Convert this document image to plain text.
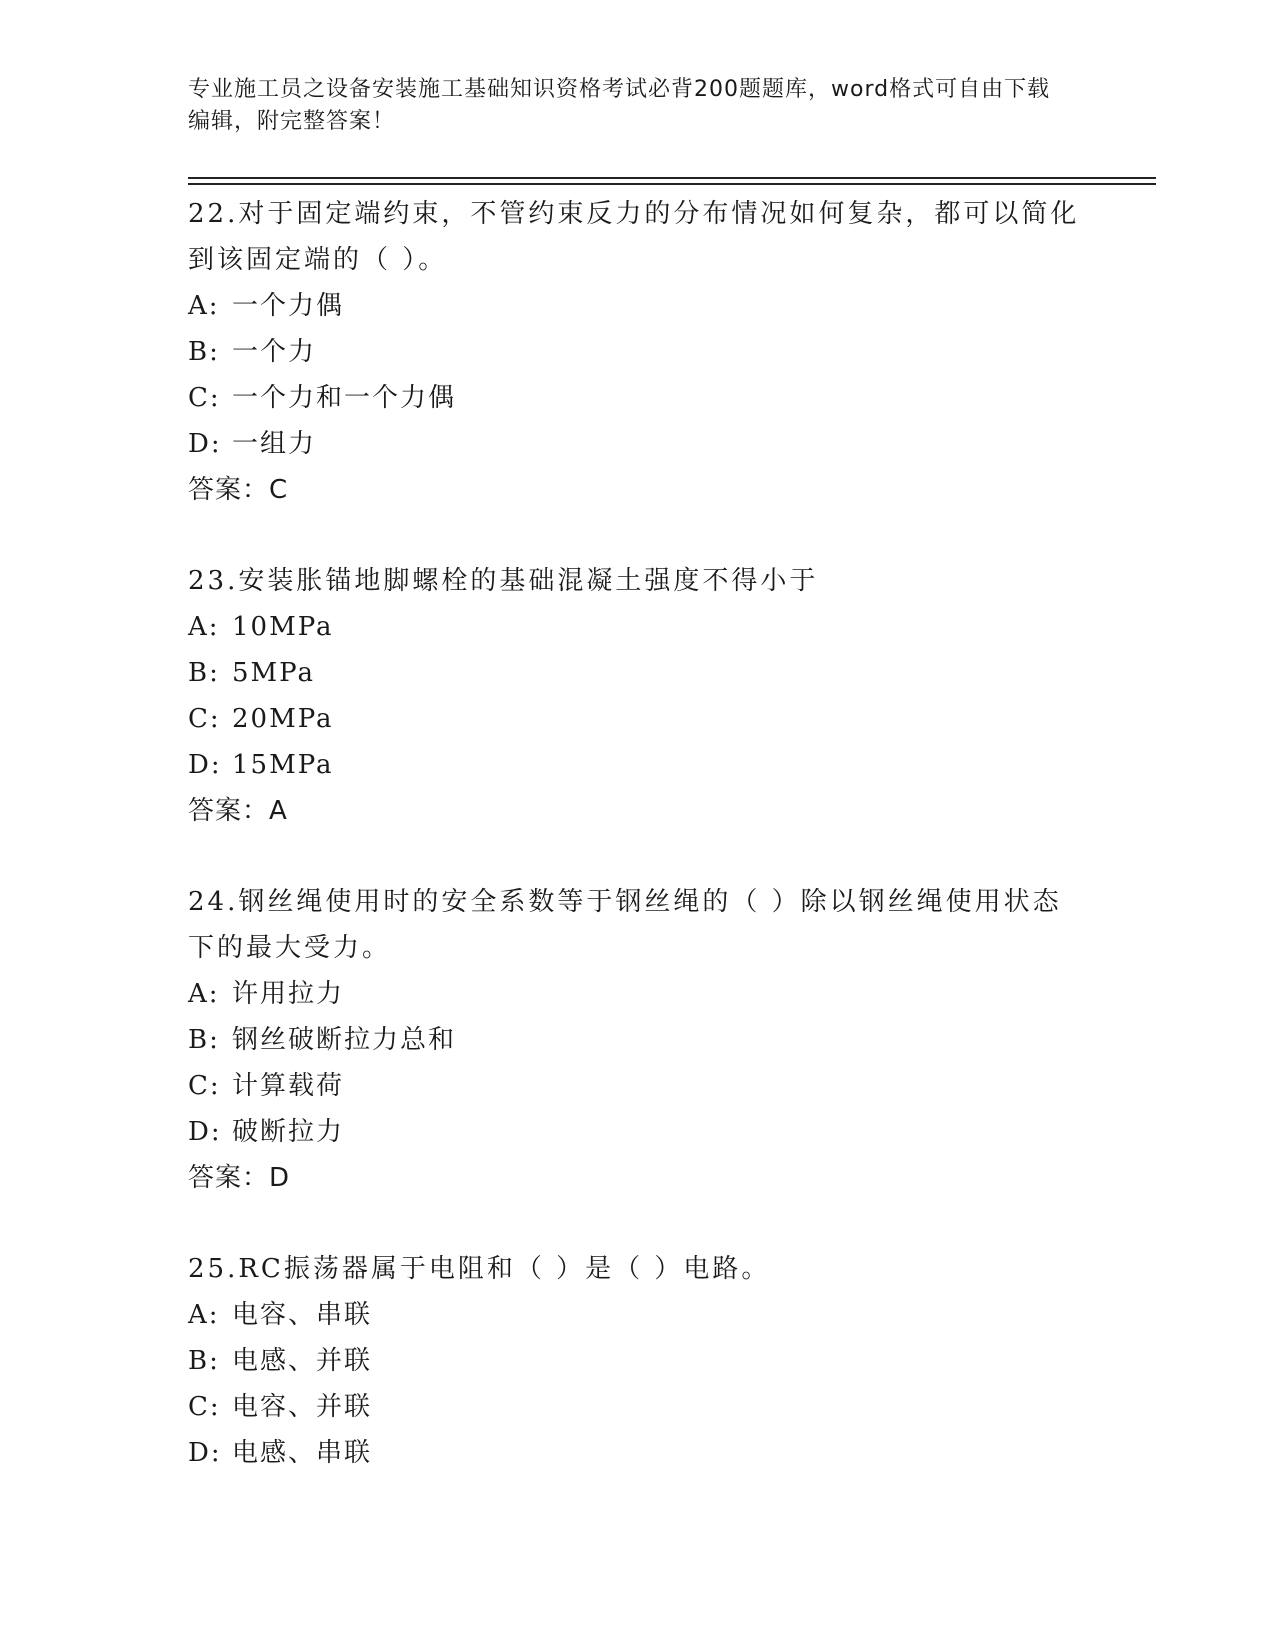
专业施工员之设备安装施工基础知识资格考试必背200题题库，word格式可自由下载编辑，附完整答案！

22.对于固定端约束，不管约束反力的分布情况如何复杂，都可以简化到该固定端的（ ）。

A: 一个力偶

B: 一个力

C: 一个力和一个力偶

D: 一组力

答案：C

23.安装胀锚地脚螺栓的基础混凝土强度不得小于

A: 10MPa

B: 5MPa

C: 20MPa

D: 15MPa

答案：A

24.钢丝绳使用时的安全系数等于钢丝绳的（ ）除以钢丝绳使用状态下的最大受力。

A: 许用拉力

B: 钢丝破断拉力总和

C: 计算载荷

D: 破断拉力

答案：D

25.RC振荡器属于电阻和（ ）是（ ）电路。

A: 电容、串联

B: 电感、并联

C: 电容、并联

D: 电感、串联
